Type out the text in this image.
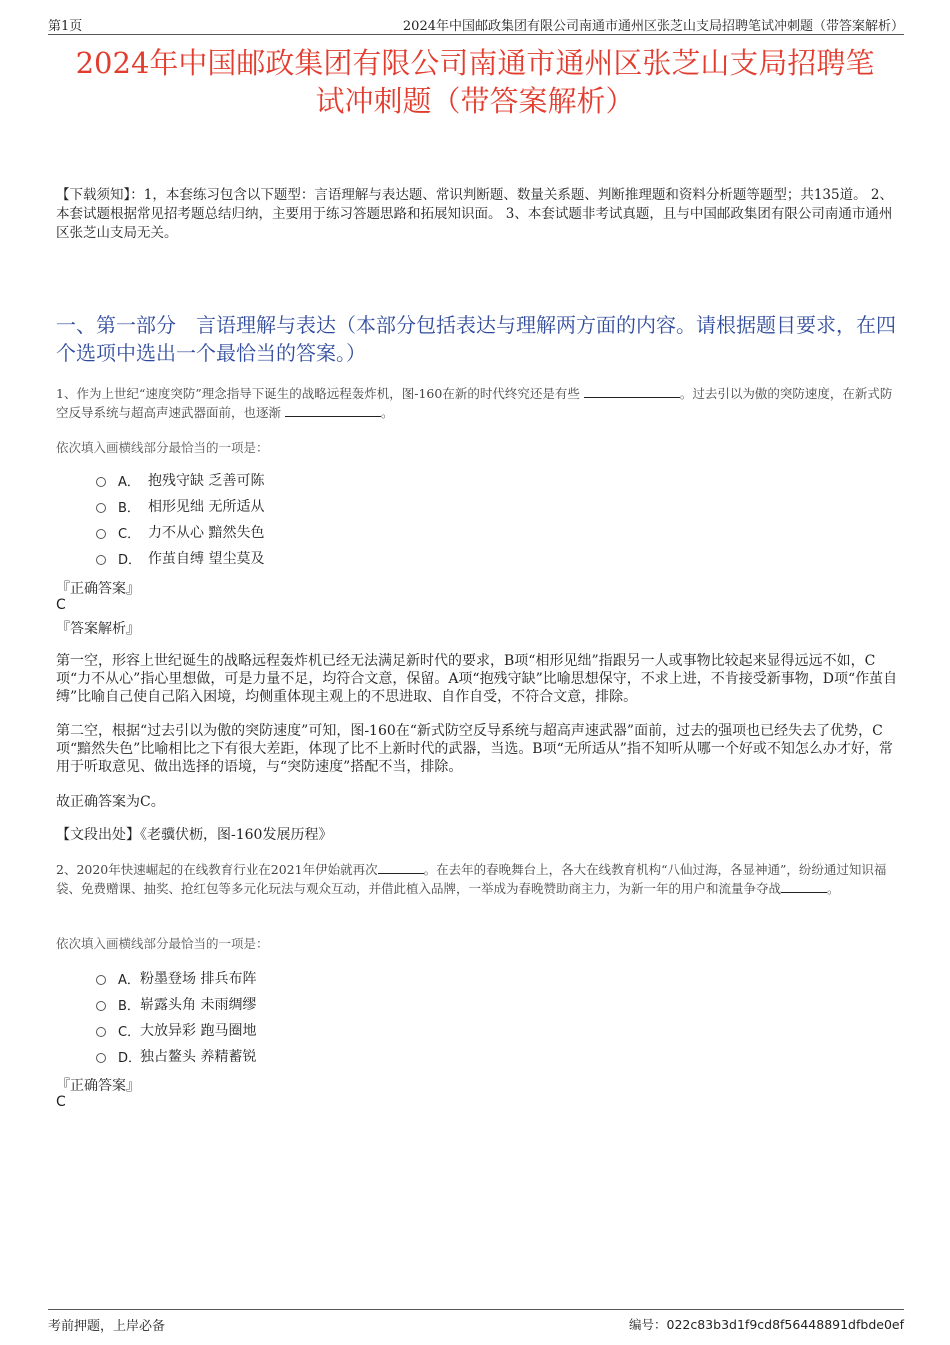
第1页	2024年中国邮政集团有限公司南通市通州区张芝山支局招聘笔试冲刺题（带答案解析）
2024年中国邮政集团有限公司南通市通州区张芝山支局招聘笔
试冲刺题（带答案解析）
【下载须知】：1，本套练习包含以下题型：言语理解与表达题、常识判断题、数量关系题、判断推理题和资料分析题等题型；共135道。 2、本套试题根据常见招考题总结归纳，主要用于练习答题思路和拓展知识面。 3、本套试题非考试真题，且与中国邮政集团有限公司南通市通州区张芝山支局无关。
一、第一部分　言语理解与表达（本部分包括表达与理解两方面的内容。请根据题目要求，在四个选项中选出一个最恰当的答案。）
1、作为上世纪“速度突防”理念指导下诞生的战略远程轰炸机，图-160在新的时代终究还是有些	。过去引以为傲的突防速度，在新式防空反导系统与超高声速武器面前，也逐渐	。
依次填入画横线部分最恰当的一项是：
A． 抱残守缺 乏善可陈
B． 相形见绌 无所适从
C． 力不从心 黯然失色
D． 作茧自缚 望尘莫及
『正确答案』
C
『答案解析』

第一空，形容上世纪诞生的战略远程轰炸机已经无法满足新时代的要求，B项“相形见绌”指跟另一人或事物比较起来显得远远不如，C项“力不从心”指心里想做，可是力量不足，均符合文意，保留。A项“抱残守缺”比喻思想保守，不求上进，不肯接受新事物，D项“作茧自缚”比喻自己使自己陷入困境，均侧重体现主观上的不思进取、自作自受，不符合文意，排除。

第二空，根据“过去引以为傲的突防速度”可知，图-160在“新式防空反导系统与超高声速武器”面前，过去的强项也已经失去了优势，C项“黯然失色”比喻相比之下有很大差距，体现了比不上新时代的武器，当选。B项“无所适从”指不知听从哪一个好或不知怎么办才好，常用于听取意见、做出选择的语境，与“突防速度”搭配不当，排除。

故正确答案为C。

【文段出处】《老骥伏枥，图-160发展历程》

2、2020年快速崛起的在线教育行业在2021年伊始就再次	。在去年的春晚舞台上，各大在线教育机构“八仙过海，各显神通”，纷纷通过知识福袋、免费赠课、抽奖、抢红包等多元化玩法与观众互动，并借此植入品牌，一举成为春晚赞助商主力，为新一年的用户和流量争夺战	。
依次填入画横线部分最恰当的一项是：
A． 粉墨登场 排兵布阵
B． 崭露头角 未雨绸缪
C． 大放异彩 跑马圈地
D．
独占鳌头 养精蓄锐
『正确答案』
C
考前押题，上岸必备	编号：022c83b3d1f9cd8f56448891dfbde0ef
